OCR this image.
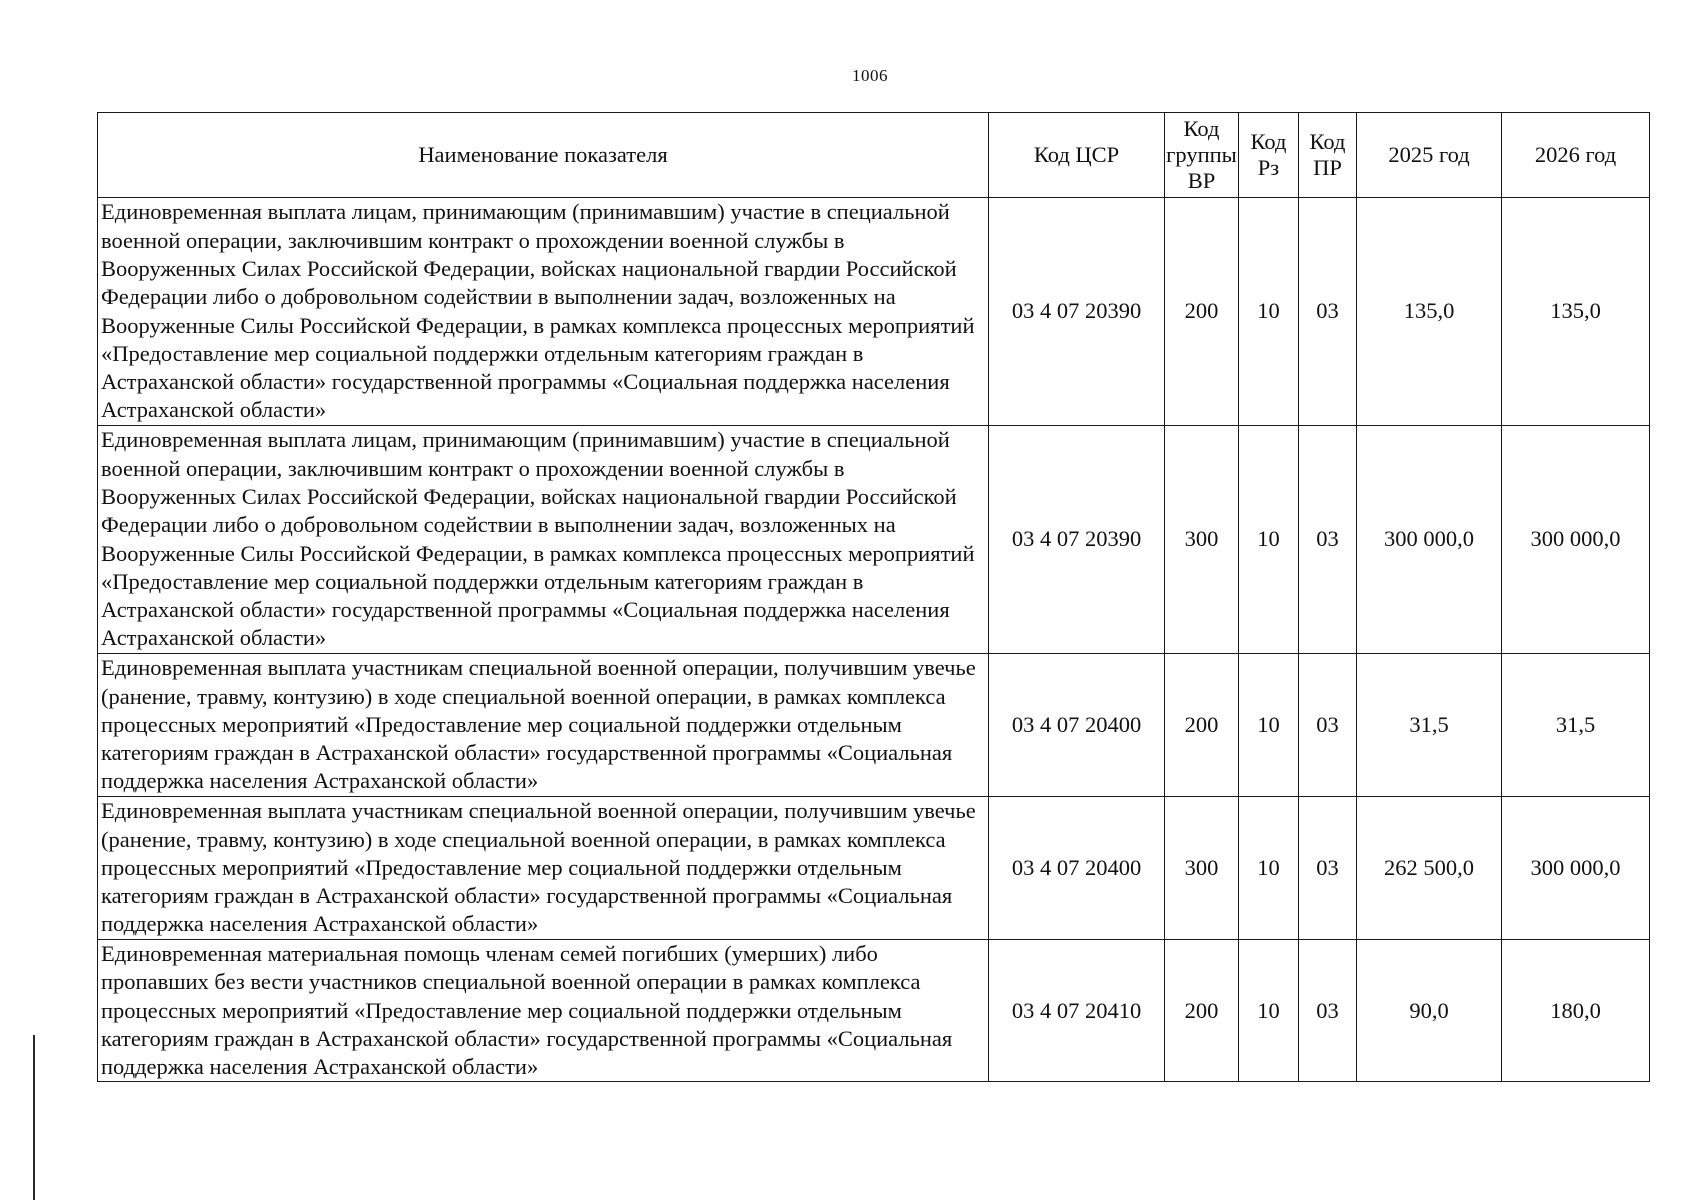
1006
Наименование показателя	Код ЦСР	Код группы ВР	Код Рз	Код ПР	2025 год	2026 год
Единовременная выплата лицам, принимающим (принимавшим) участие в специальной военной операции, заключившим контракт о прохождении военной службы в Вооруженных Силах Российской Федерации, войсках национальной гвардии Российской Федерации либо о добровольном содействии в выполнении задач, возложенных на Вооруженные Силы Российской Федерации, в рамках комплекса процессных мероприятий «Предоставление мер социальной поддержки отдельным категориям граждан в Астраханской области» государственной программы «Социальная поддержка населения Астраханской области»	03 4 07 20390	200	10	03	135,0	135,0
Единовременная выплата лицам, принимающим (принимавшим) участие в специальной военной операции, заключившим контракт о прохождении военной службы в Вооруженных Силах Российской Федерации, войсках национальной гвардии Российской Федерации либо о добровольном содействии в выполнении задач, возложенных на Вооруженные Силы Российской Федерации, в рамках комплекса процессных мероприятий «Предоставление мер социальной поддержки отдельным категориям граждан в Астраханской области» государственной программы «Социальная поддержка населения Астраханской области»	03 4 07 20390	300	10	03	300 000,0	300 000,0
Единовременная выплата участникам специальной военной операции, получившим увечье (ранение, травму, контузию) в ходе специальной военной операции, в рамках комплекса процессных мероприятий «Предоставление мер социальной поддержки отдельным категориям граждан в Астраханской области» государственной программы «Социальная поддержка населения Астраханской области»	03 4 07 20400	200	10	03	31,5	31,5
Единовременная выплата участникам специальной военной операции, получившим увечье (ранение, травму, контузию) в ходе специальной военной операции, в рамках комплекса процессных мероприятий «Предоставление мер социальной поддержки отдельным категориям граждан в Астраханской области» государственной программы «Социальная поддержка населения Астраханской области»	03 4 07 20400	300	10	03	262 500,0	300 000,0
Единовременная материальная помощь членам семей погибших (умерших) либо пропавших без вести участников специальной военной операции в рамках комплекса процессных мероприятий «Предоставление мер социальной поддержки отдельным категориям граждан в Астраханской области» государственной программы «Социальная поддержка населения Астраханской области»	03 4 07 20410	200	10	03	90,0	180,0
